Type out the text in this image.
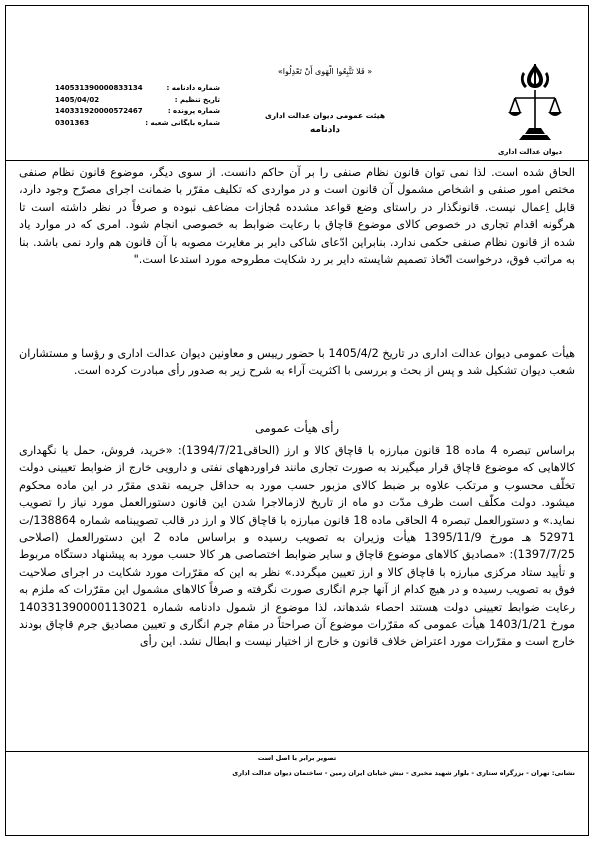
دیوان عدالت اداری
«فَلا تَتَّبِعُوا الْهَوى أَنْ تَعْدِلُوا »
هیئت عمومی دیوان عدالت اداری
دادنامه
140531390000833134	شماره دادنامه :
1405/04/02	تاریخ تنظیم :
140331920000572467	شماره پرونده :
0301363	شماره بایگانی شعبه :
الحاق شده است. لذا نمی توان قانون نظام صنفی را بر آن حاکم دانست. از سوی دیگر، موضوع قانون نظام صنفی مختص امور صنفی و اشخاص مشمول آن قانون است و در مواردی که تکلیف مقرّر با ضمانت اجرای مصرّح وجود دارد، قابل اِعمال نیست. قانونگذار در راستای وضع قواعد مشدده مُجازات مضاعف نبوده و صرفاً در نظر داشته است تا هرگونه اقدام تجاری در خصوص کالای موضوع قاچاق با رعایت ضوابط به خصوصی انجام شود. امری که در موارد یاد شده از قانون نظام صنفی حکمی ندارد. بنابراین ادّعای شاکی دایر بر مغایرت مصوبه با آن قانون هم وارد نمی باشد. بنا به مراتب فوق، درخواست اتّخاذ تصمیم شایسته دایر بر رد شکایت مطروحه مورد استدعا است."
هیأت عمومی دیوان عدالت اداری در تاریخ 1405/4/2 با حضور رییس و معاونین دیوان عدالت اداری و رؤسا و مستشاران شعب دیوان تشکیل شد و پس از بحث و بررسی با اکثریت آراء به شرح زیر به صدور رأی مبادرت کرده است.
رأی هیأت عمومی
براساس تبصره 4 ماده 18 قانون مبارزه با قاچاق کالا و ارز (الحاقی1394/7/21): «خرید، فروش، حمل یا نگهداری کالاهایی که موضوع قاچاق قرار میگیرند به صورت تجاری مانند فراوردههای نفتی و دارویی خارج از ضوابط تعیینی دولت تخلّف محسوب و مرتکب علاوه بر ضبط کالای مزبور حسب مورد به حداقل جریمه نقدی مقرّر در این ماده محکوم میشود. دولت مکلّف است ظرف مدّت دو ماه از تاریخ لازمالاجرا شدن این قانون دستورالعمل مورد نیاز را تصویب نماید.» و دستورالعمل تبصره 4 الحاقی ماده 18 قانون مبارزه با قاچاق کالا و ارز در قالب تصویبنامه شماره 138864/ت 52971 هـ مورخ 1395/11/9 هیأت وزیران به تصویب رسیده و براساس ماده 2 این دستورالعمل (اصلاحی 1397/7/25): «مصادیق کالاهای موضوع قاچاق و سایر ضوابط اختصاصی هر کالا حسب مورد به پیشنهاد دستگاه مربوط و تأیید ستاد مرکزی مبارزه با قاچاق کالا و ارز تعیین میگردد.» نظر به این که مقرّرات مورد شکایت در اجرای صلاحیت فوق به تصویب رسیده و در هیچ کدام از آنها جرم انگاری صورت نگرفته و صرفاً کالاهای مشمول این مقرّرات که ملزم به رعایت ضوابط تعیینی دولت هستند احصاء شدهاند، لذا موضوع از شمول دادنامه شماره 140331390000113021 مورخ 1403/1/21 هیأت عمومی که مقرّرات موضوع آن صراحتاً در مقام جرم انگاری و تعیین مصادیق جرم قاچاق بودند خارج است و مقرّرات مورد اعتراض خلاف قانون و خارج از اختیار نیست و ابطال نشد. این رأی
تصویر برابر با اصل است
نشانی: تهران - بزرگراه ستاری - بلوار شهید مخبری - نبش خیابان ایران زمین - ساختمان دیوان عدالت اداری
